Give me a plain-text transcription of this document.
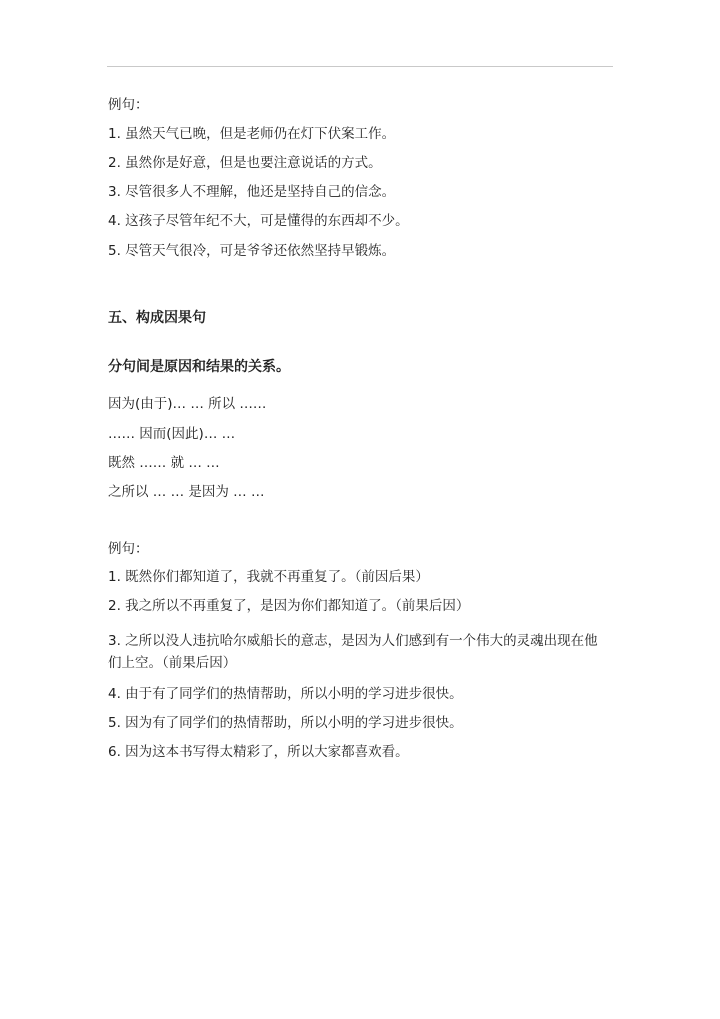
例句：
1. 虽然天气已晚，但是老师仍在灯下伏案工作。
2. 虽然你是好意，但是也要注意说话的方式。
3. 尽管很多人不理解，他还是坚持自己的信念。
4. 这孩子尽管年纪不大，可是懂得的东西却不少。
5. 尽管天气很冷，可是爷爷还依然坚持早锻炼。
五、构成因果句
分句间是原因和结果的关系。
因为(由于)… … 所以 ……
…… 因而(因此)… …
既然 …… 就 … …
之所以 … … 是因为 … …
例句：
1. 既然你们都知道了，我就不再重复了。（前因后果）
2. 我之所以不再重复了，是因为你们都知道了。（前果后因）
3. 之所以没人违抗哈尔威船长的意志，是因为人们感到有一个伟大的灵魂出现在他们上空。（前果后因）
4. 由于有了同学们的热情帮助，所以小明的学习进步很快。
5. 因为有了同学们的热情帮助，所以小明的学习进步很快。
6. 因为这本书写得太精彩了，所以大家都喜欢看。
